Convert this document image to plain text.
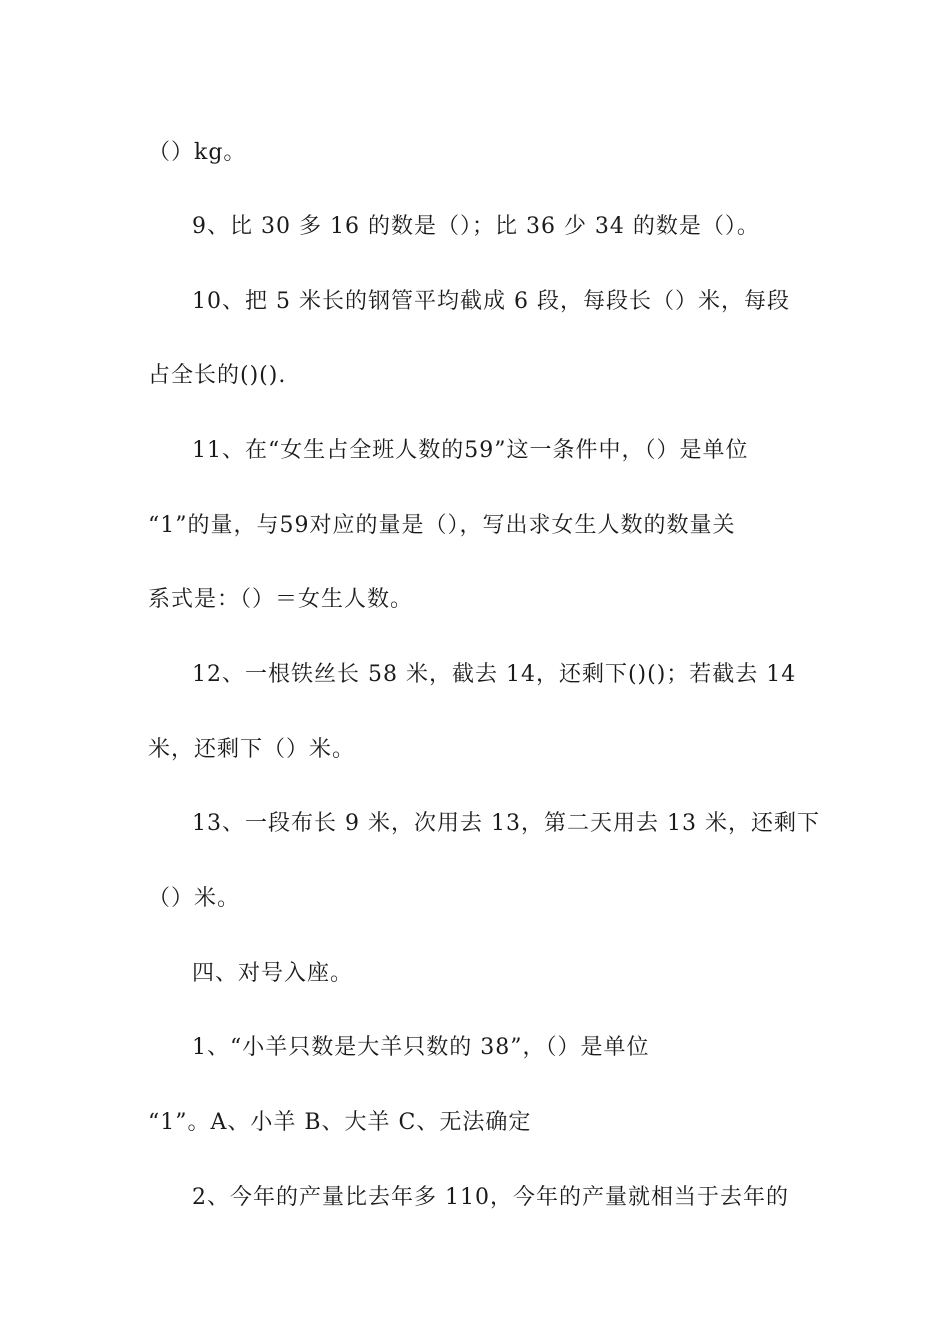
（）kg。
9、比 30 多 16 的数是（）；比 36 少 34 的数是（）。
10、把 5 米长的钢管平均截成 6 段，每段长（）米，每段
占全长的()().
11、在“女生占全班人数的59”这一条件中，（）是单位
“1”的量，与59对应的量是（），写出求女生人数的数量关
系式是：（）＝女生人数。
12、一根铁丝长 58 米，截去 14，还剩下()()；若截去 14
米，还剩下（）米。
13、一段布长 9 米，次用去 13，第二天用去 13 米，还剩下
（）米。
四、对号入座。
1、“小羊只数是大羊只数的 38”，（）是单位
“1”。A、小羊 B、大羊 C、无法确定
2、今年的产量比去年多 110，今年的产量就相当于去年的
